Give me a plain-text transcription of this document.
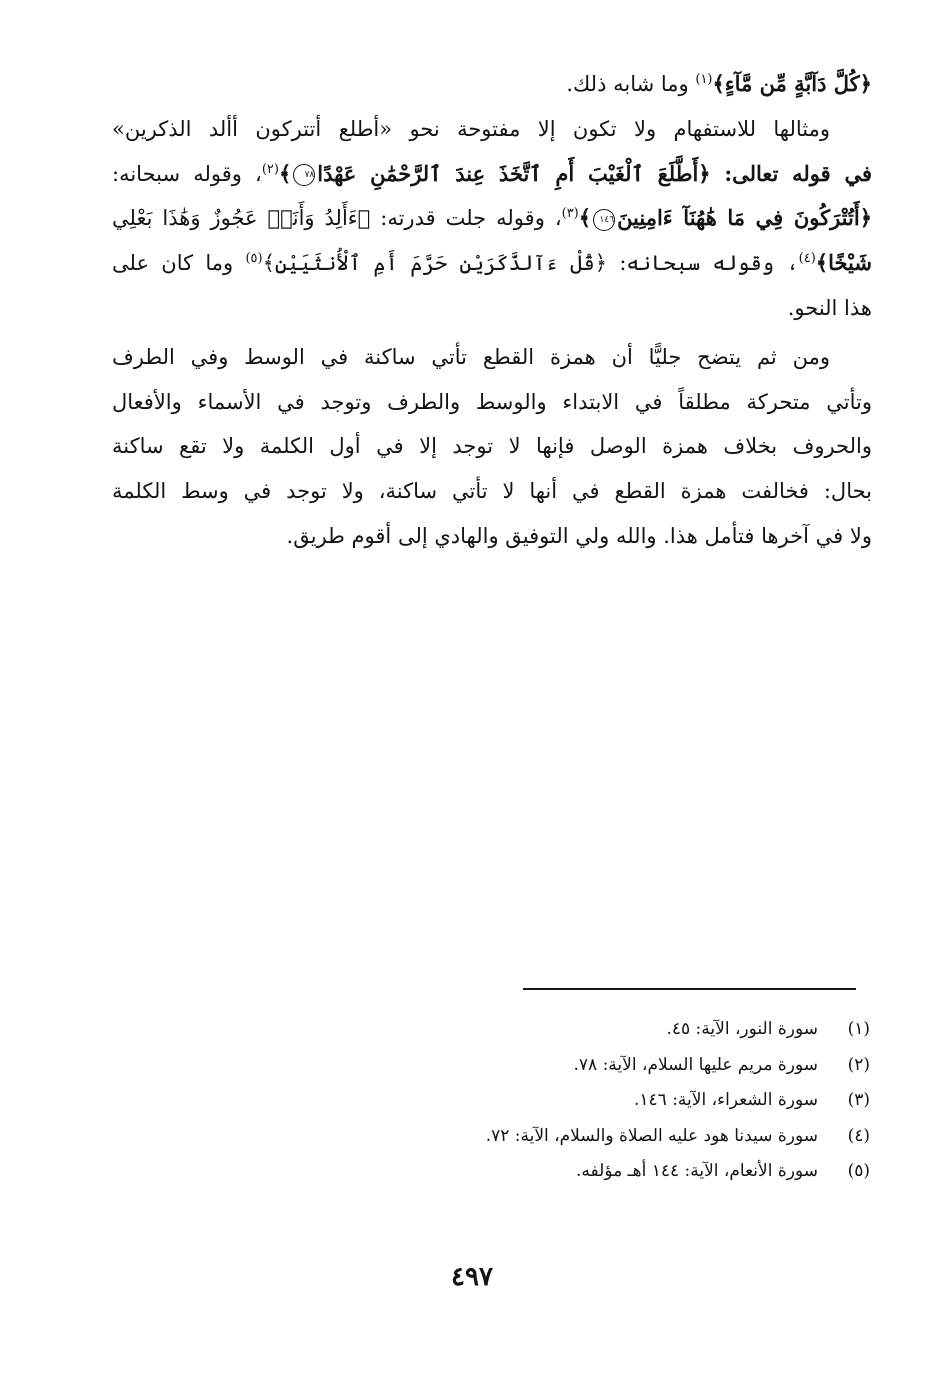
﴿كُلَّ دَآبَّةٍ مِّن مَّآءٍ﴾$^{(١)}$ وما شابه ذلك.
ومثالها للاستفهام ولا تكون إلا مفتوحة نحو «أطلع أتتركون أألد الذكرين»
في قوله تعالى: ﴿أَطَّلَعَ ٱلْغَيْبَ أَمِ ٱتَّخَذَ عِندَ ٱلرَّحْمَٰنِ عَهْدًا٧٨﴾$^{(٢)}$، وقوله سبحانه:
﴿أَتُتْرَكُونَ فِي مَا هَٰهُنَآ ءَامِنِينَ١٤٦﴾$^{(٣)}$، وقوله جلت قدرته: ﴿ءَأَلِدُ وَأَنَا۠ عَجُوزٌ وَهَٰذَا بَعْلِي
شَيْخًا﴾$^{(٤)}$، وقوله سبحانه: ﴿قُلْ ءَآلذَّكَرَيْنِ حَرَّمَ أَمِ ٱلْأُنثَيَيْنِ﴾$^{(٥)}$ وما كان على
هذا النحو.
ومن ثم يتضح جليًّا أن همزة القطع تأتي ساكنة في الوسط وفي الطرف
وتأتي متحركة مطلقاً في الابتداء والوسط والطرف وتوجد في الأسماء والأفعال
والحروف بخلاف همزة الوصل فإنها لا توجد إلا في أول الكلمة ولا تقع ساكنة
بحال: فخالفت همزة القطع في أنها لا تأتي ساكنة، ولا توجد في وسط الكلمة
ولا في آخرها فتأمل هذا. والله ولي التوفيق والهادي إلى أقوم طريق.
(١)سورة النور، الآية: ٤٥.
(٢)سورة مريم عليها السلام، الآية: ٧٨.
(٣)سورة الشعراء، الآية: ١٤٦.
(٤)سورة سيدنا هود عليه الصلاة والسلام، الآية: ٧٢.
(٥)سورة الأنعام، الآية: ١٤٤ أهـ مؤلفه.
٤٩٧
